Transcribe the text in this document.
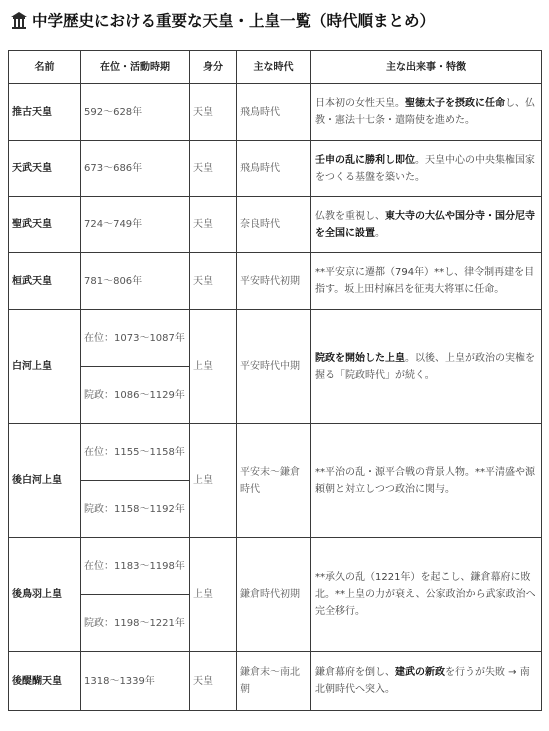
中学歴史における重要な天皇・上皇一覧（時代順まとめ）
名前	在位・活動時期	身分	主な時代	主な出来事・特徴
推古天皇	592〜628年	天皇	飛鳥時代	日本初の女性天皇。聖徳太子を摂政に任命し、仏教・憲法十七条・遣隋使を進めた。
天武天皇	673〜686年	天皇	飛鳥時代	壬申の乱に勝利し即位。天皇中心の中央集権国家をつくる基盤を築いた。
聖武天皇	724〜749年	天皇	奈良時代	仏教を重視し、東大寺の大仏や国分寺・国分尼寺を全国に設置。
桓武天皇	781〜806年	天皇	平安時代初期	**平安京に遷都（794年）**し、律令制再建を目指す。坂上田村麻呂を征夷大将軍に任命。
白河上皇	在位：1073〜1087年	上皇	平安時代中期	院政を開始した上皇。以後、上皇が政治の実権を握る「院政時代」が続く。
	院政：1086〜1129年			
後白河上皇	在位：1155〜1158年	上皇	平安末〜鎌倉時代	**平治の乱・源平合戦の背景人物。**平清盛や源頼朝と対立しつつ政治に関与。
	院政：1158〜1192年			
後鳥羽上皇	在位：1183〜1198年	上皇	鎌倉時代初期	**承久の乱（1221年）を起こし、鎌倉幕府に敗北。**上皇の力が衰え、公家政治から武家政治へ完全移行。
	院政：1198〜1221年			
後醍醐天皇	1318〜1339年	天皇	鎌倉末〜南北朝	鎌倉幕府を倒し、建武の新政を行うが失敗 → 南北朝時代へ突入。
